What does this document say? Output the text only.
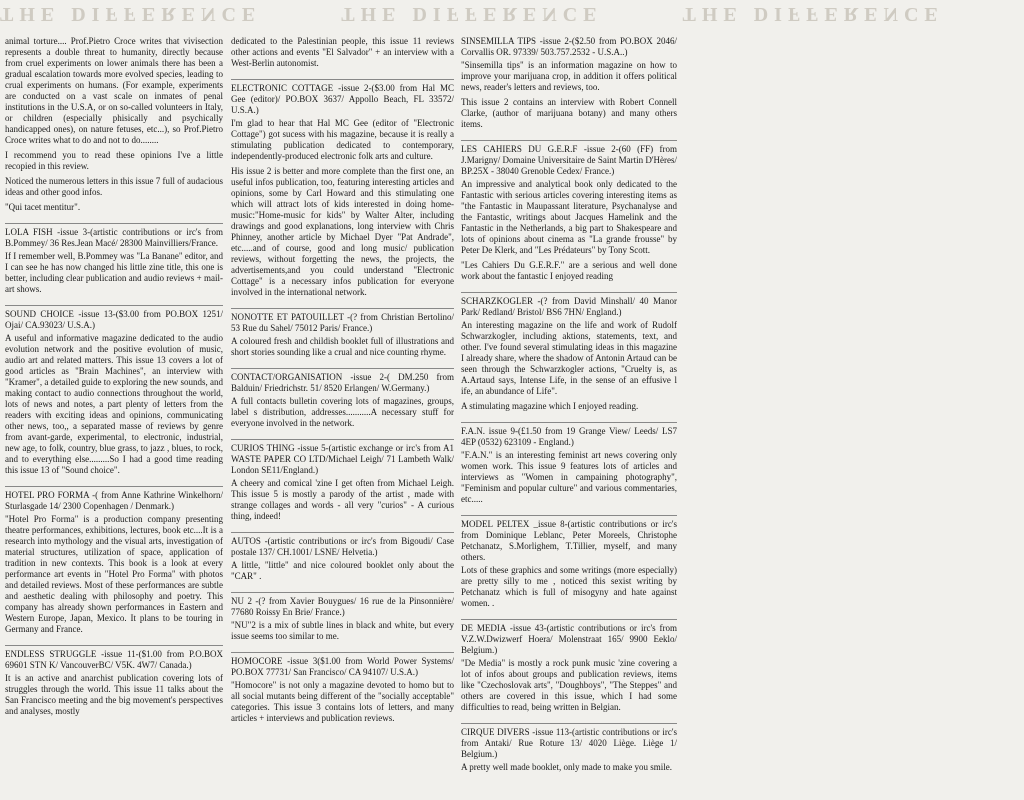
THE DIFFERENCE	THE DIFFERENCE	THE DIFFERENCE

animal torture.... Prof.Pietro Croce writes that vivisection represents a double threat to humanity, directly because from cruel experiments on lower animals there has been a gradual escalation towards more evolved species, leading to crual experiments on humans. (For example, experiments are conducted on a vast scale on inmates of penal institutions in the U.S.A, or on so-called volunteers in Italy, or children (especially phisically and psychically handicapped ones), on nature fetuses, etc...), so Prof.Pietro Croce writes what to do and not to do........

I recommend you to read these opinions I've a little recopied in this review.

Noticed the numerous letters in this issue 7 full of audacious ideas and other good infos.

"Qui tacet mentitur".

LOLA FISH -issue 3-(artistic contributions or irc's from B.Pommey/ 36 Res.Jean Macé/ 28300 Mainvilliers/France.

If I remember well, B.Pommey was "La Banane" editor, and I can see he has now changed his little zine title, this one is better, including clear publication and audio reviews + mail-art shows.

SOUND CHOICE -issue 13-($3.00 from PO.BOX 1251/ Ojai/ CA.93023/ U.S.A.)

A useful and informative magazine dedicated to the audio evolution network and the positive evolution of music, audio art and related matters. This issue 13 covers a lot of good articles as "Brain Machines", an interview with "Kramer", a detailed guide to exploring the new sounds, and making contact to audio connections throughout the world, lots of news and notes, a part plenty of letters from the readers with exciting ideas and opinions, communicating other news, too,, a separated masse of reviews by genre from avant-garde, experimental, to electronic, industrial, new age, to folk, country, blue grass, to jazz , blues, to rock, and to everything else.........So I had a good time reading this issue 13 of "Sound choice".

HOTEL PRO FORMA -( from Anne Kathrine Winkelhorn/ Sturlasgade 14/ 2300 Copenhagen / Denmark.)

"Hotel Pro Forma" is a production company presenting theatre performances, exhibitions, lectures, book etc....It is a research into mythology and the visual arts, investigation of material structures, utilization of space, application of tradition in new contexts. This book is a look at every performance art events in "Hotel Pro Forma" with photos and detailed reviews. Most of these performances are subtle and aesthetic dealing with philosophy and poetry. This company has already shown performances in Eastern and Western Europe, Japan, Mexico. It plans to be touring in Germany and France.

ENDLESS STRUGGLE -issue 11-($1.00 from P.O.BOX 69601 STN K/ VancouverBC/ V5K. 4W7/ Canada.)

It is an active and anarchist publication covering lots of struggles through the world. This issue 11 talks about the San Francisco meeting and the big movement's perspectives and analyses, mostly

dedicated to the Palestinian people, this issue 11 reviews other actions and events "El Salvador" + an interview with a West-Berlin autonomist.

ELECTRONIC COTTAGE -issue 2-($3.00 from Hal MC Gee (editor)/ PO.BOX 3637/ Appollo Beach, FL 33572/ U.S.A.)

I'm glad to hear that Hal MC Gee (editor of "Electronic Cottage") got sucess with his magazine, because it is really a stimulating publication dedicated to contemporary, independently-produced electronic folk arts and culture.

His issue 2 is better and more complete than the first one, an useful infos publication, too, featuring interesting articles and opinions, some by Carl Howard and this stimulating one which will attract lots of kids interested in doing home-music:"Home-music for kids" by Walter Alter, including drawings and good explanations, long interview with Chris Phinney, another article by Michael Dyer "Pat Andrade", etc.....and of course, good and long music/ publication reviews, without forgetting the news, the projects, the advertisements,and you could understand "Electronic Cottage" is a necessary infos publication for everyone involved in the international network.

NONOTTE ET PATOUILLET -(? from Christian Bertolino/ 53 Rue du Sahel/ 75012 Paris/ France.)

A coloured fresh and childish booklet full of illustrations and short stories sounding like a crual and nice counting rhyme.

CONTACT/ORGANISATION -issue 2-( DM.250 from Balduin/ Friedrichstr. 51/ 8520 Erlangen/ W.Germany.)

A full contacts bulletin covering lots of magazines, groups, label s distribution, addresses...........A necessary stuff for everyone involved in the network.

CURIOS THING -issue 5-(artistic exchange or irc's from A1 WASTE PAPER CO LTD/Michael Leigh/ 71 Lambeth Walk/ London SE11/England.)

A cheery and comical 'zine I get often from Michael Leigh. This issue 5 is mostly a parody of the artist , made with strange collages and words - all very "curios" - A curious thing, indeed!

AUTOS -(artistic contributions or irc's from Bigoudi/ Case postale 137/ CH.1001/ LSNE/ Helvetia.)

A little, "little" and nice coloured booklet only about the "CAR" .

NU 2 -(? from Xavier Bouygues/ 16 rue de la Pinsonnière/ 77680 Roissy En Brie/ France.)

"NU"2 is a mix of subtle lines in black and white, but every issue seems too similar to me.

HOMOCORE -issue 3($1.00 from World Power Systems/ PO.BOX 77731/ San Francisco/ CA 94107/ U.S.A.)

"Homocore" is not only a magazine devoted to homo but to all social mutants being different of the "socially acceptable" categories. This issue 3 contains lots of letters, and many articles + interviews and publication reviews.

SINSEMILLA TIPS -issue 2-($2.50 from PO.BOX 2046/ Corvallis OR. 97339/ 503.757.2532 - U.S.A..)

"Sinsemilla tips" is an information magazine on how to improve your marijuana crop, in addition it offers political news, reader's letters and reviews, too.

This issue 2 contains an interview with Robert Connell Clarke, (author of marijuana botany) and many others items.

LES CAHIERS DU G.E.R.F -issue 2-(60 (FF) from J.Marigny/ Domaine Universitaire de Saint Martin D'Hères/ BP.25X - 38040 Grenoble Cedex/ France.)

An impressive and analytical book only dedicated to the Fantastic with serious articles covering interesting items as "the Fantastic in Maupassant literature, Psychanalyse and the Fantastic, writings about Jacques Hamelink and the Fantastic in the Netherlands, a big part to Shakespeare and lots of opinions about cinema as "La grande frousse" by Peter De Klerk, and "Les Prédateurs" by Tony Scott.

"Les Cahiers Du G.E.R.F." are a serious and well done work about the fantastic I enjoyed reading

SCHARZKOGLER -(? from David Minshall/ 40 Manor Park/ Redland/ Bristol/ BS6 7HN/ England.)

An interesting magazine on the life and work of Rudolf Schwarzkogler, including aktions, statements, text, and other. I've found several stimulating ideas in this magazine I already share, where the shadow of Antonin Artaud can be seen through the Schwarzkogler actions, "Cruelty is, as A.Artaud says, Intense Life, in the sense of an effusive l ife, an abundance of Life".

A stimulating magazine which I enjoyed reading.

F.A.N. issue 9-(£1.50 from 19 Grange View/ Leeds/ LS7 4EP (0532) 623109 - England.)

"F.A.N." is an interesting feminist art news covering only women work. This issue 9 features lots of articles and interviews as "Women in campaining photography", "Feminism and popular culture" and various commentaries, etc.....

MODEL PELTEX _issue 8-(artistic contributions or irc's from Dominique Leblanc, Peter Moreels, Christophe Petchanatz, S.Morlighem, T.Tillier, myself, and many others.

Lots of these graphics and some writings (more especially) are pretty silly to me , noticed this sexist writing by Petchanatz which is full of misogyny and hate against women. .

DE MEDIA -issue 43-(artistic contributions or irc's from V.Z.W.Dwizwerf Hoera/ Molenstraat 165/ 9900 Eeklo/ Belgium.)

"De Media" is mostly a rock punk music 'zine covering a lot of infos about groups and publication reviews, items like "Czechoslovak arts", "Doughboys", "The Steppes" and others are covered in this issue, which I had some difficulties to read, being written in Belgian.

CIRQUE DIVERS -issue 113-(artistic contributions or irc's from Antaki/ Rue Roture 13/ 4020 Liège. Liège 1/ Belgium.)

A pretty well made booklet, only made to make you smile.
